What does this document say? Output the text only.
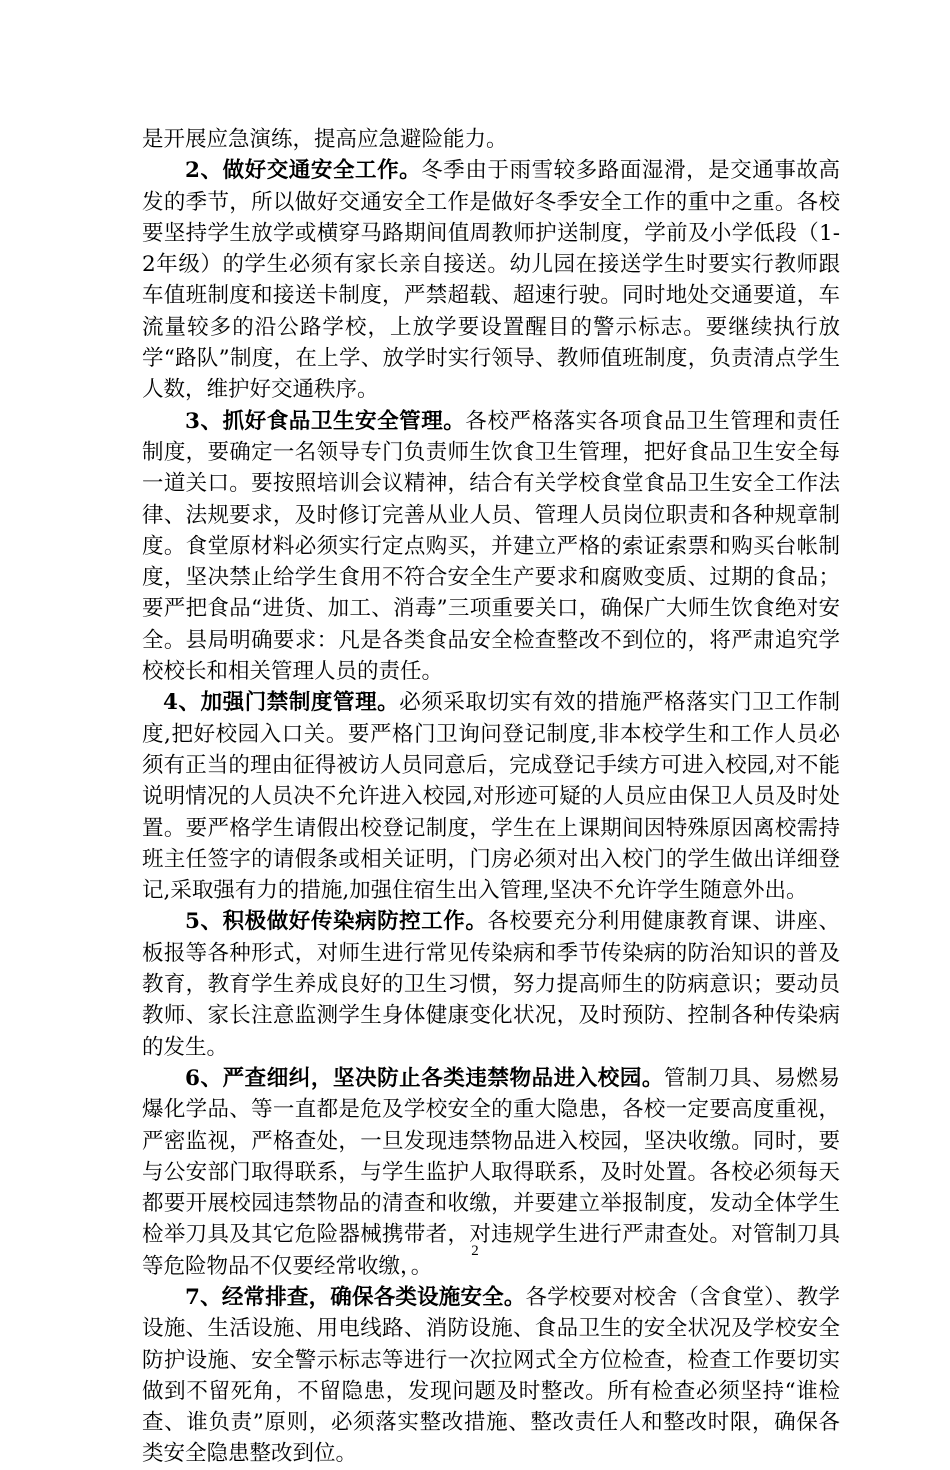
是开展应急演练，提高应急避险能力。

2、做好交通安全工作。冬季由于雨雪较多路面湿滑，是交通事故高发的季节，所以做好交通安全工作是做好冬季安全工作的重中之重。各校要坚持学生放学或横穿马路期间值周教师护送制度，学前及小学低段（1-2年级）的学生必须有家长亲自接送。幼儿园在接送学生时要实行教师跟车值班制度和接送卡制度，严禁超载、超速行驶。同时地处交通要道，车流量较多的沿公路学校，上放学要设置醒目的警示标志。要继续执行放学“路队”制度，在上学、放学时实行领导、教师值班制度，负责清点学生人数，维护好交通秩序。

3、抓好食品卫生安全管理。各校严格落实各项食品卫生管理和责任制度，要确定一名领导专门负责师生饮食卫生管理，把好食品卫生安全每一道关口。要按照培训会议精神，结合有关学校食堂食品卫生安全工作法律、法规要求，及时修订完善从业人员、管理人员岗位职责和各种规章制度。食堂原材料必须实行定点购买，并建立严格的索证索票和购买台帐制度，坚决禁止给学生食用不符合安全生产要求和腐败变质、过期的食品；要严把食品“进货、加工、消毒”三项重要关口，确保广大师生饮食绝对安全。县局明确要求：凡是各类食品安全检查整改不到位的，将严肃追究学校校长和相关管理人员的责任。

4、加强门禁制度管理。必须采取切实有效的措施严格落实门卫工作制度,把好校园入口关。要严格门卫询问登记制度,非本校学生和工作人员必须有正当的理由征得被访人员同意后，完成登记手续方可进入校园,对不能说明情况的人员决不允许进入校园,对形迹可疑的人员应由保卫人员及时处置。要严格学生请假出校登记制度，学生在上课期间因特殊原因离校需持班主任签字的请假条或相关证明，门房必须对出入校门的学生做出详细登记,采取强有力的措施,加强住宿生出入管理,坚决不允许学生随意外出。

5、积极做好传染病防控工作。各校要充分利用健康教育课、讲座、板报等各种形式，对师生进行常见传染病和季节传染病的防治知识的普及教育，教育学生养成良好的卫生习惯，努力提高师生的防病意识；要动员教师、家长注意监测学生身体健康变化状况，及时预防、控制各种传染病的发生。

6、严查细纠，坚决防止各类违禁物品进入校园。管制刀具、易燃易爆化学品、等一直都是危及学校安全的重大隐患，各校一定要高度重视，严密监视，严格查处，一旦发现违禁物品进入校园，坚决收缴。同时，要与公安部门取得联系，与学生监护人取得联系，及时处置。各校必须每天都要开展校园违禁物品的清查和收缴，并要建立举报制度，发动全体学生检举刀具及其它危险器械携带者，对违规学生进行严肃查处。对管制刀具等危险物品不仅要经常收缴，。

7、经常排查，确保各类设施安全。各学校要对校舍（含食堂）、教学设施、生活设施、用电线路、消防设施、食品卫生的安全状况及学校安全防护设施、安全警示标志等进行一次拉网式全方位检查，检查工作要切实做到不留死角，不留隐患，发现问题及时整改。所有检查必须坚持“谁检查、谁负责”原则，必须落实整改措施、整改责任人和整改时限，确保各类安全隐患整改到位。

2
